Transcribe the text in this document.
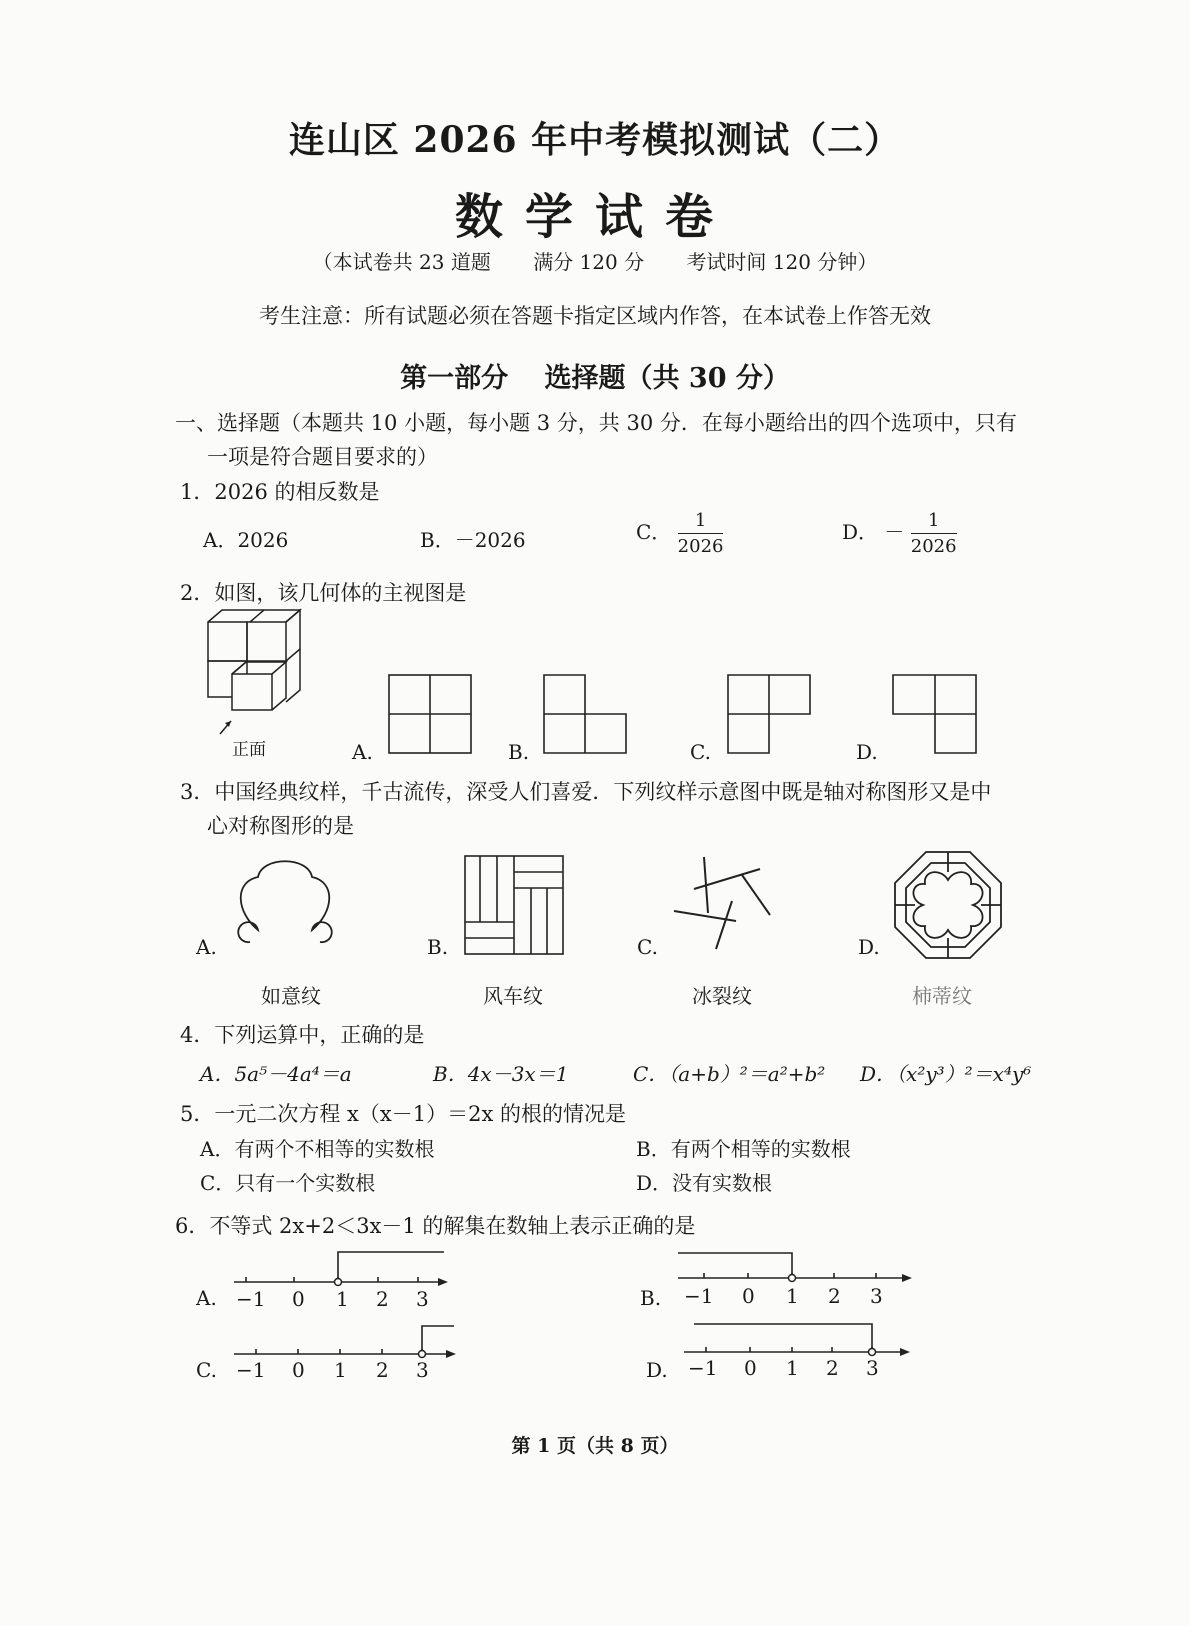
连山区 2026 年中考模拟测试（二）
数学试卷
（本试卷共 23 道题 满分 120 分 考试时间 120 分钟）
考生注意：所有试题必须在答题卡指定区域内作答，在本试卷上作答无效
第一部分　 选择题（共 30 分）
一、选择题（本题共 10 小题，每小题 3 分，共 30 分．在每小题给出的四个选项中，只有
一项是符合题目要求的）
1．2026 的相反数是
A．2026	B．－2026	C． $\frac{1}{2026}$	D． － $\frac{1}{2026}$
2．如图，该几何体的主视图是
正面	A.	B.	C.	D.
3．中国经典纹样，千古流传，深受人们喜爱．下列纹样示意图中既是轴对称图形又是中
心对称图形的是
A.
如意纹
B.
风车纹
C.
冰裂纹
D.
柿蒂纹
4．下列运算中，正确的是
A．5a⁵－4a⁴＝a	B．4x－3x＝1	C．（a+b）²＝a²+b² D．（x²y³）²＝x⁴y⁶
5．一元二次方程 x（x－1）＝2x 的根的情况是
A．有两个不相等的实数根	B．有两个相等的实数根
C．只有一个实数根	D．没有实数根
6．不等式 2x+2＜3x－1 的解集在数轴上表示正确的是
A. −1 0 1 2 3	B. −1 0 1 2 3
C. −1 0 1 2 3	D. −1 0 1 2 3
第 1 页（共 8 页）
